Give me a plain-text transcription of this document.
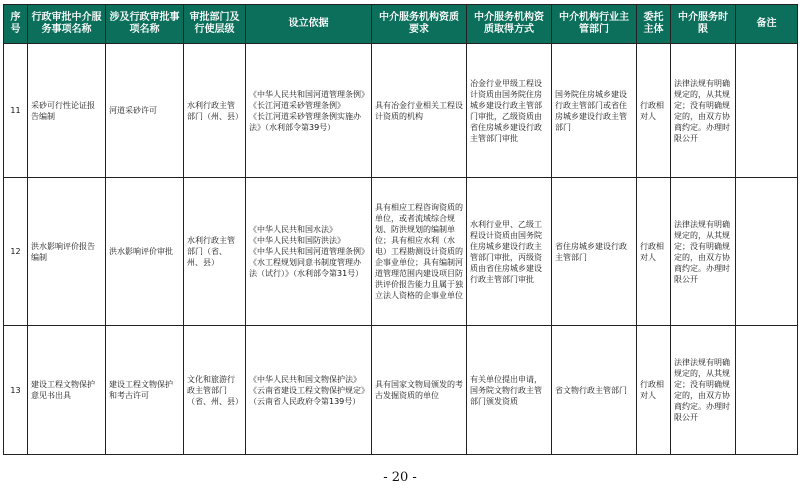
序号	行政审批中介服务事项名称	涉及行政审批事项名称	审批部门及行使层级	设立依据	中介服务机构资质要求	中介服务机构资质取得方式	中介机构行业主管部门	委托主体	中介服务时限	备注
11	采砂可行性论证报告编制	河道采砂许可	水利行政主管部门（州、县）	《中华人民共和国河道管理条例》
《长江河道采砂管理条例》
《长江河道采砂管理条例实施办法》（水利部令第39号）	具有冶金行业相关工程设计资质的机构	冶金行业甲级工程设计资质由国务院住房城乡建设行政主管部门审批，乙级资质由省住房城乡建设行政主管部门审批	国务院住房城乡建设行政主管部门或省住房城乡建设行政主管部门	行政相对人	法律法规有明确规定的，从其规定；没有明确规定的，由双方协商约定。办理时限公开	
12	洪水影响评价报告编制	洪水影响评价审批	水利行政主管部门（省、州、县）	《中华人民共和国水法》
《中华人民共和国防洪法》
《中华人民共和国河道管理条例》
《水工程规划同意书制度管理办法（试行）》（水利部令第31号）	具有相应工程咨询资质的单位，或者流域综合规划、防洪规划的编制单位；具有相应水利（水电）工程勘测设计资质的企事业单位；具有编制河道管理范围内建设项目防洪评价报告能力且属于独立法人资格的企事业单位	水利行业甲、乙级工程设计资质由国务院住房城乡建设行政主管部门审批，丙级资质由省住房城乡建设行政主管部门审批	省住房城乡建设行政主管部门	行政相对人	法律法规有明确规定的，从其规定；没有明确规定的，由双方协商约定。办理时限公开	
13	建设工程文物保护意见书出具	建设工程文物保护和考古许可	文化和旅游行政主管部门（省、州、县）	《中华人民共和国文物保护法》
《云南省建设工程文物保护规定》（云南省人民政府令第139号）	具有国家文物局颁发的考古发掘资质的单位	有关单位提出申请，国务院文物行政主管部门颁发资质	省文物行政主管部门	行政相对人	法律法规有明确规定的，从其规定；没有明确规定的，由双方协商约定。办理时限公开	
- 20 -
